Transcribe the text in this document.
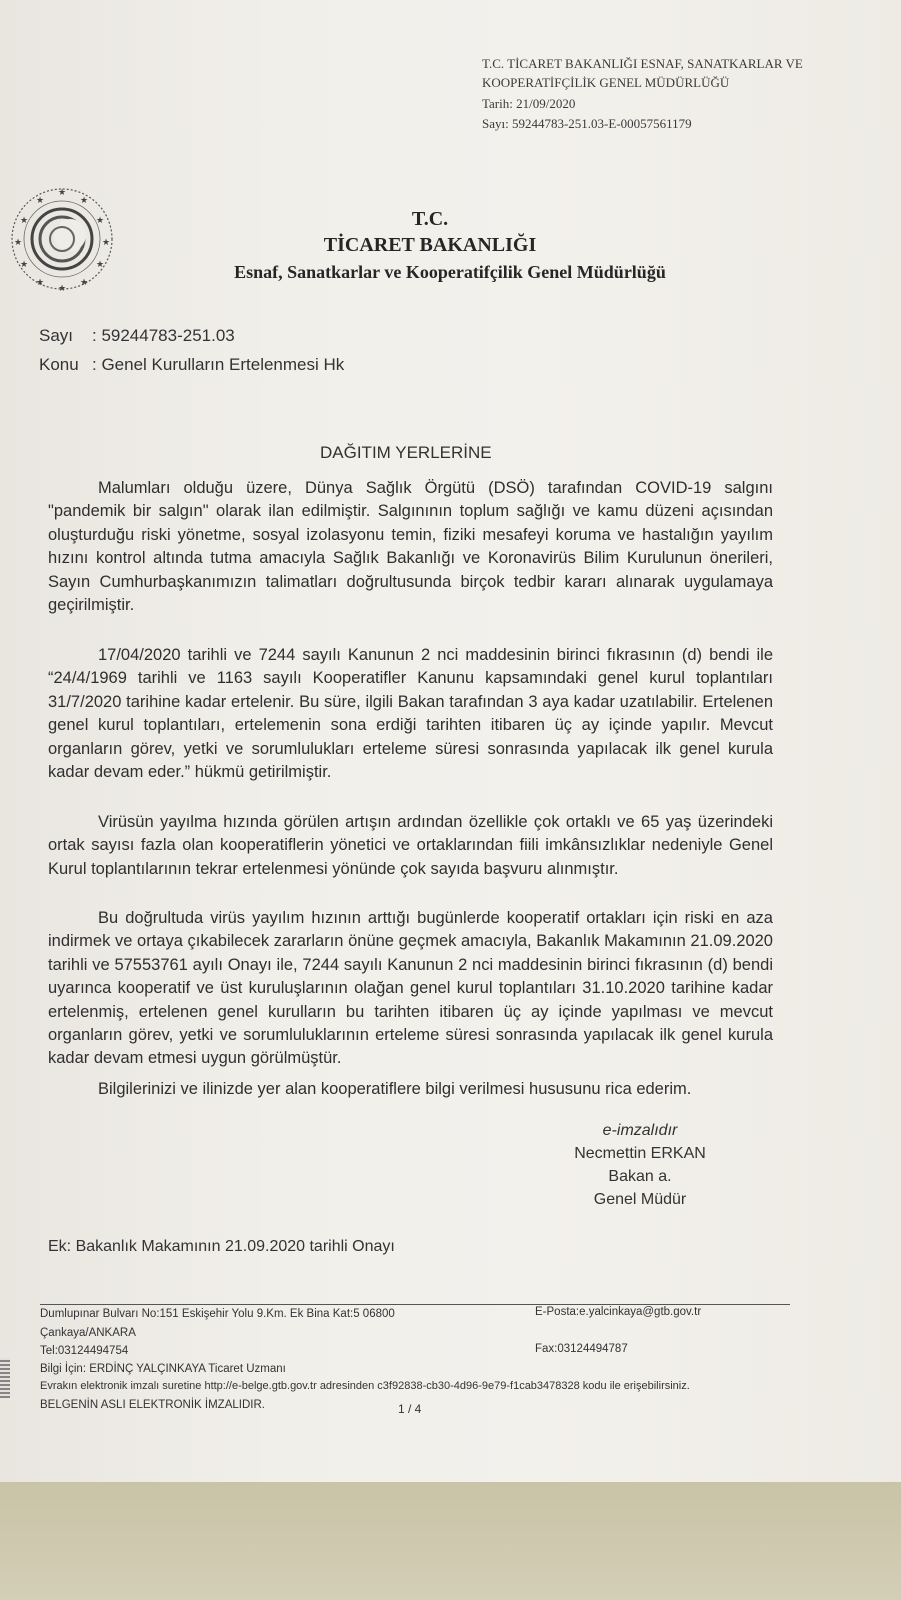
T.C. TİCARET BAKANLIĞI ESNAF, SANATKARLAR VE
KOOPERATİFÇİLİK GENEL MÜDÜRLÜĞÜ
Tarih: 21/09/2020
Sayı: 59244783-251.03-E-00057561179
★
★	★
★	★
★	★
★	★
★	★
★
T.C.
TİCARET BAKANLIĞI
Esnaf, Sanatkarlar ve Kooperatifçilik Genel Müdürlüğü
Sayı : 59244783-251.03
Konu : Genel Kurulların Ertelenmesi Hk
DAĞITIM YERLERİNE
Malumları olduğu üzere, Dünya Sağlık Örgütü (DSÖ) tarafından COVID-19 salgını "pandemik bir salgın" olarak ilan edilmiştir. Salgınının toplum sağlığı ve kamu düzeni açısından oluşturduğu riski yönetme, sosyal izolasyonu temin, fiziki mesafeyi koruma ve hastalığın yayılım hızını kontrol altında tutma amacıyla Sağlık Bakanlığı ve Koronavirüs Bilim Kurulunun önerileri, Sayın Cumhurbaşkanımızın talimatları doğrultusunda birçok tedbir kararı alınarak uygulamaya geçirilmiştir.
17/04/2020 tarihli ve 7244 sayılı Kanunun 2 nci maddesinin birinci fıkrasının (d) bendi ile “24/4/1969 tarihli ve 1163 sayılı Kooperatifler Kanunu kapsamındaki genel kurul toplantıları 31/7/2020 tarihine kadar ertelenir. Bu süre, ilgili Bakan tarafından 3 aya kadar uzatılabilir. Ertelenen genel kurul toplantıları, ertelemenin sona erdiği tarihten itibaren üç ay içinde yapılır. Mevcut organların görev, yetki ve sorumlulukları erteleme süresi sonrasında yapılacak ilk genel kurula kadar devam eder.” hükmü getirilmiştir.
Virüsün yayılma hızında görülen artışın ardından özellikle çok ortaklı ve 65 yaş üzerindeki ortak sayısı fazla olan kooperatiflerin yönetici ve ortaklarından fiili imkânsızlıklar nedeniyle Genel Kurul toplantılarının tekrar ertelenmesi yönünde çok sayıda başvuru alınmıştır.
Bu doğrultuda virüs yayılım hızının arttığı bugünlerde kooperatif ortakları için riski en aza indirmek ve ortaya çıkabilecek zararların önüne geçmek amacıyla, Bakanlık Makamının 21.09.2020 tarihli ve 57553761 ayılı Onayı ile, 7244 sayılı Kanunun 2 nci maddesinin birinci fıkrasının (d) bendi uyarınca kooperatif ve üst kuruluşlarının olağan genel kurul toplantıları 31.10.2020 tarihine kadar ertelenmiş, ertelenen genel kurulların bu tarihten itibaren üç ay içinde yapılması ve mevcut organların görev, yetki ve sorumluluklarının erteleme süresi sonrasında yapılacak ilk genel kurula kadar devam etmesi uygun görülmüştür.
Bilgilerinizi ve ilinizde yer alan kooperatiflere bilgi verilmesi hususunu rica ederim.
e-imzalıdır
Necmettin ERKAN
Bakan a.
Genel Müdür
Ek: Bakanlık Makamının 21.09.2020 tarihli Onayı
Dumlupınar Bulvarı No:151 Eskişehir Yolu 9.Km. Ek Bina Kat:5 06800	E-Posta:e.yalcinkaya@gtb.gov.tr
Çankaya/ANKARA
Tel:03124494754	Fax:03124494787
Bilgi İçin: ERDİNÇ YALÇINKAYA Ticaret Uzmanı
Evrakın elektronik imzalı suretine http://e-belge.gtb.gov.tr adresinden c3f92838-cb30-4d96-9e79-f1cab3478328 kodu ile erişebilirsiniz.
BELGENİN ASLI ELEKTRONİK İMZALIDIR.	1 / 4
